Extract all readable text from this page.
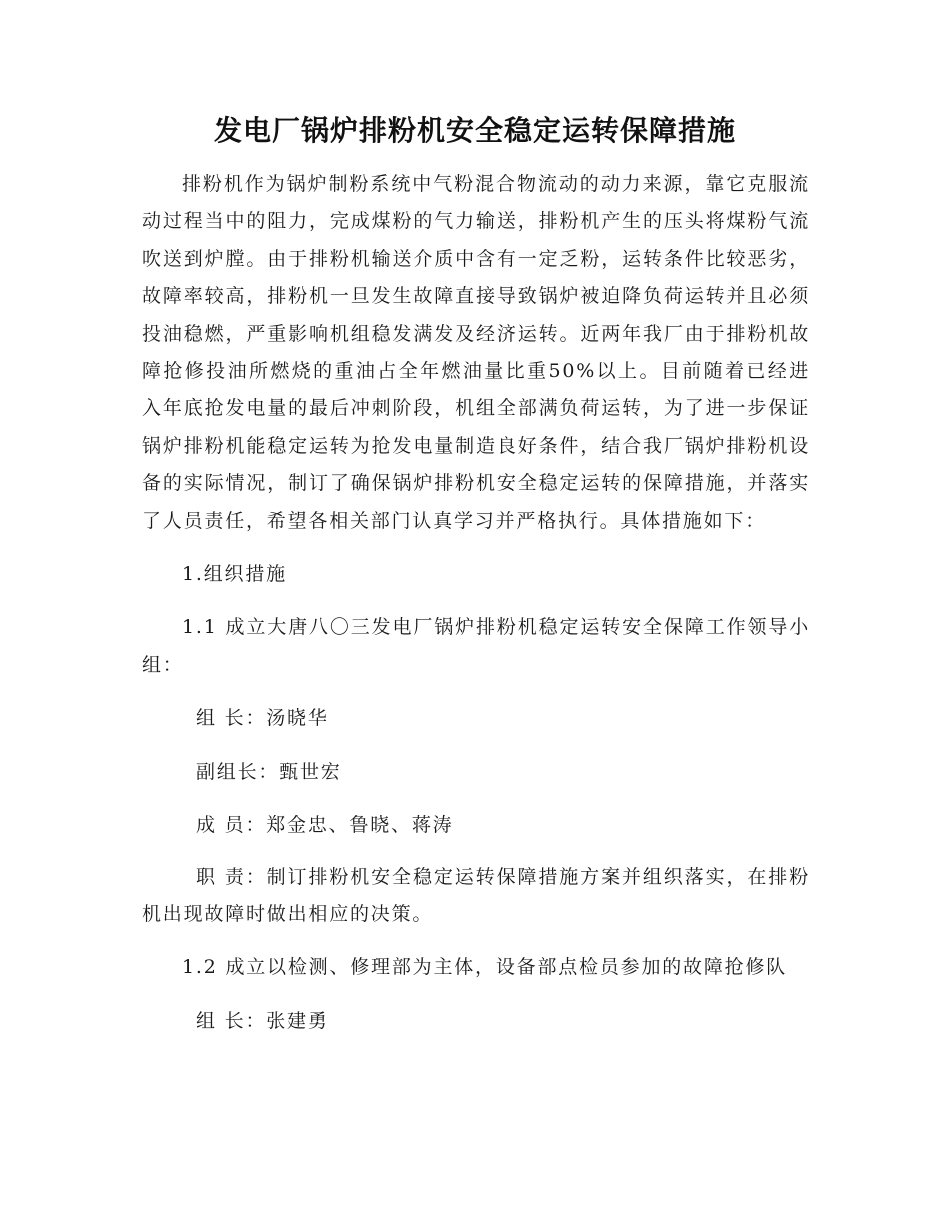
发电厂锅炉排粉机安全稳定运转保障措施

排粉机作为锅炉制粉系统中气粉混合物流动的动力来源，靠它克服流动过程当中的阻力，完成煤粉的气力输送，排粉机产生的压头将煤粉气流吹送到炉膛。由于排粉机输送介质中含有一定乏粉，运转条件比较恶劣，故障率较高，排粉机一旦发生故障直接导致锅炉被迫降负荷运转并且必须投油稳燃，严重影响机组稳发满发及经济运转。近两年我厂由于排粉机故障抢修投油所燃烧的重油占全年燃油量比重50%以上。目前随着已经进入年底抢发电量的最后冲刺阶段，机组全部满负荷运转，为了进一步保证锅炉排粉机能稳定运转为抢发电量制造良好条件，结合我厂锅炉排粉机设备的实际情况，制订了确保锅炉排粉机安全稳定运转的保障措施，并落实了人员责任，希望各相关部门认真学习并严格执行。具体措施如下：

1.组织措施

1.1 成立大唐八〇三发电厂锅炉排粉机稳定运转安全保障工作领导小组：

组 长：汤晓华

副组长：甄世宏

成 员：郑金忠、鲁晓、蒋涛

职 责：制订排粉机安全稳定运转保障措施方案并组织落实，在排粉机出现故障时做出相应的决策。

1.2 成立以检测、修理部为主体，设备部点检员参加的故障抢修队

组 长：张建勇
